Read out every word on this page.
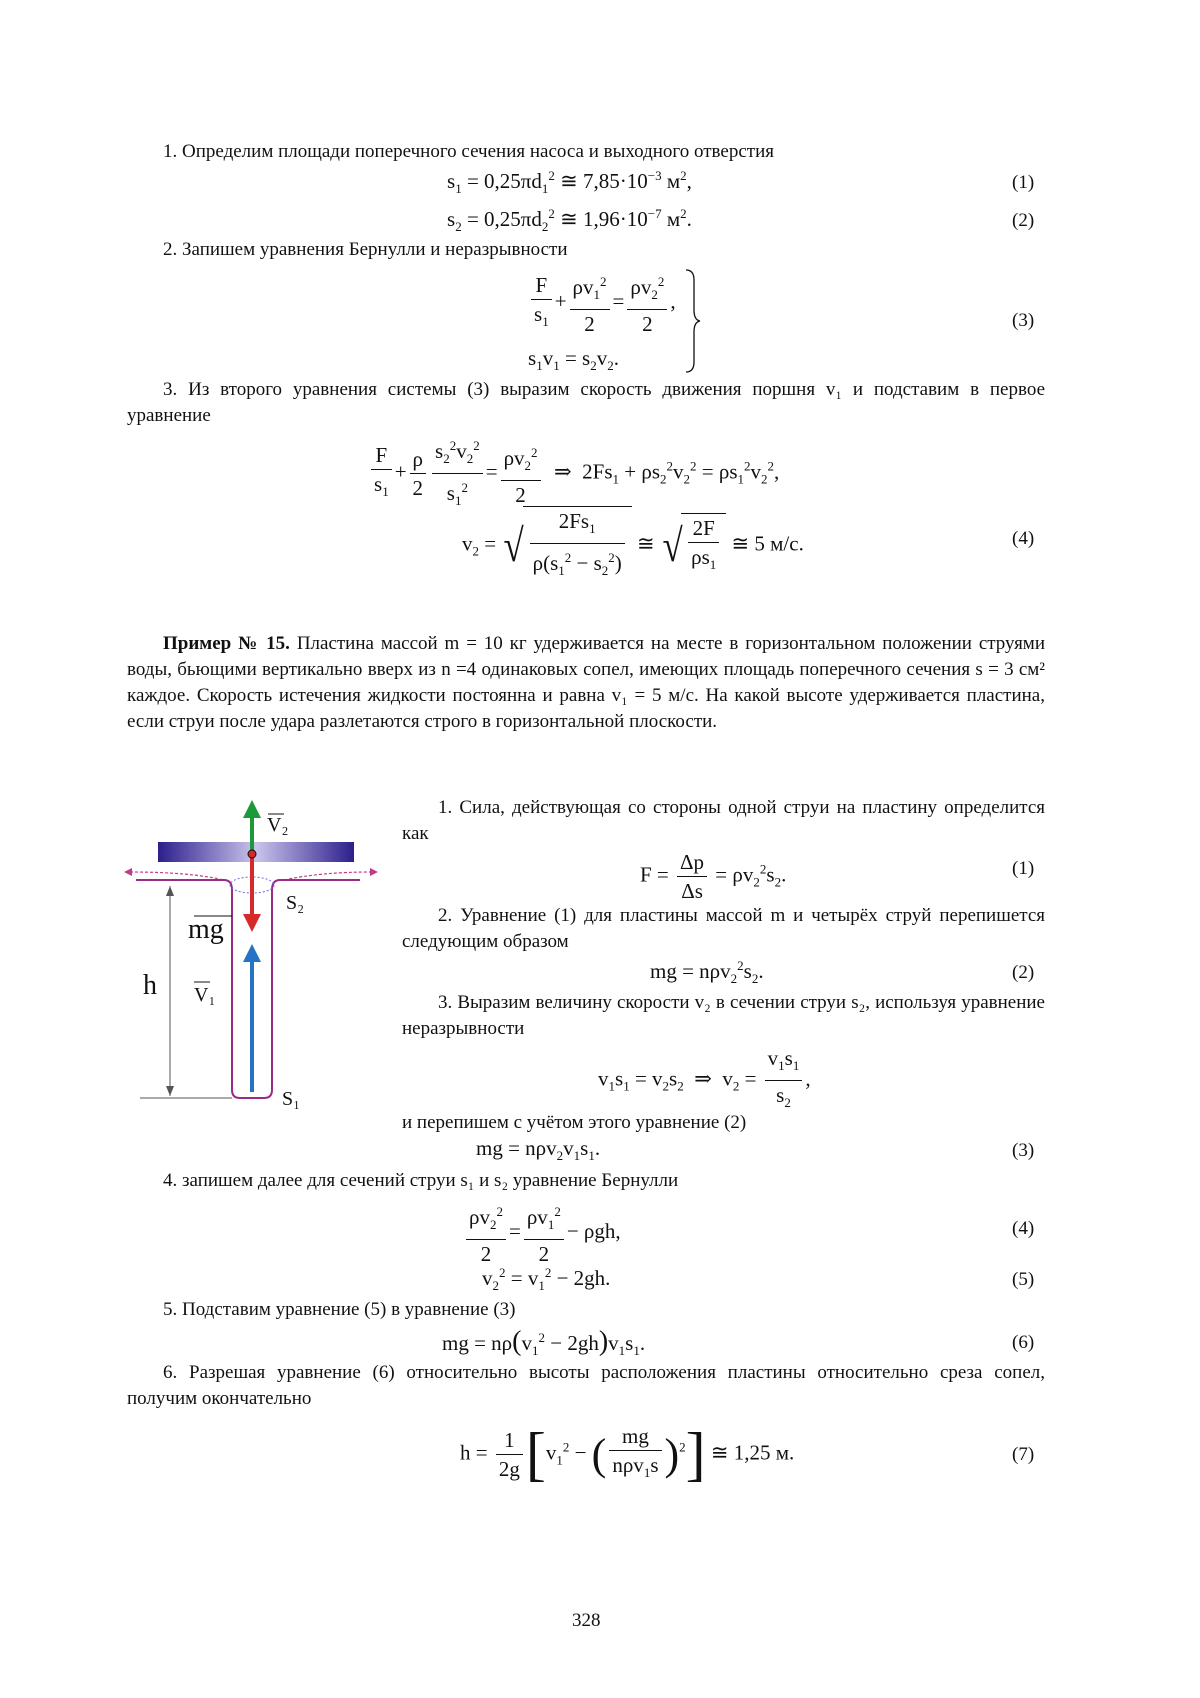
1. Определим площади поперечного сечения насоса и выходного отверстия
$s_1 = 0,25\pi d_1^2$ ≅ $7,85\cdot 10^{-3}$ $м^2$,	(1)
$s_2 = 0,25\pi d_2^2$ ≅ $1,96\cdot 10^{-7}$ $м^2$.	(2)
2. Запишем уравнения Бернулли и неразрывности
$\frac{F}{s_1} + \frac{\rho v_1^2}{2} = \frac{\rho v_2^2}{2}$ ,
$s_1v_1 = s_2v_2$.
(3)
3. Из второго уравнения системы (3) выразим скорость движения поршня v₁ и подставим в первое уравнение
$\frac{F}{s_1} + \frac{\rho}{2} \frac{s_2^2v_2^2}{s_1^2} = \frac{\rho v_2^2}{2}$ ⇒  $2Fs_1 + \rho s_2^2v_2^2 = \rho s_1^2v_2^2$,
$v_2$ = √ $\frac{2Fs_1}{\rho(s_1^2 - s_2^2)}$ ≅ √ $\frac{2F}{\rho s_1}$ ≅ 5 м/с.	(4)
Пример № 15. Пластина массой m = 10 кг удерживается на месте в горизонтальном положении струями воды, бьющими вертикально вверх из n =4 одинаковых сопел, имеющих площадь поперечного сечения s = 3 см² каждое. Скорость истечения жидкости постоянна и равна v₁ = 5 м/с. На какой высоте удерживается пластина, если струи после удара разлетаются строго в горизонтальной плоскости.
V₂
S₂
mg
h V₁
S₁
1. Сила, действующая со стороны одной струи на пластину определится как
$F = \frac{\Delta p}{\Delta s} = \rho v_2^2s_2$.	(1)
2. Уравнение (1) для пластины массой m и четырёх струй перепишется следующим образом
mg = $n\rho v_2^2s_2$.	(2)
3. Выразим величину скорости v₂ в сечении струи s₂, используя уравнение неразрывности
$v_1s_1 = v_2s_2$  ⇒  $v_2 = \frac{v_1s_1}{s_2}$ ,
и перепишем с учётом этого уравнение (2)
mg = $n\rho v_2v_1s_1$.	(3)
4. запишем далее для сечений струи s₁ и s₂ уравнение Бернулли
$\frac{\rho v_2^2}{2} = \frac{\rho v_1^2}{2} - \rho gh$,	(4)
$v_2^2 = v_1^2 - 2gh$.	(5)
5. Подставим уравнение (5) в уравнение (3)
mg = $n\rho(v_1^2 - 2gh)v_1s_1$.	(6)
6. Разрешая уравнение (6) относительно высоты расположения пластины относительно среза сопел, получим окончательно
$h = \frac{1}{2g} [v_1^2$ − ( $\frac{mg}{n\rho v_1s} )^2$] ≅ 1,25 м.	(7)
328
